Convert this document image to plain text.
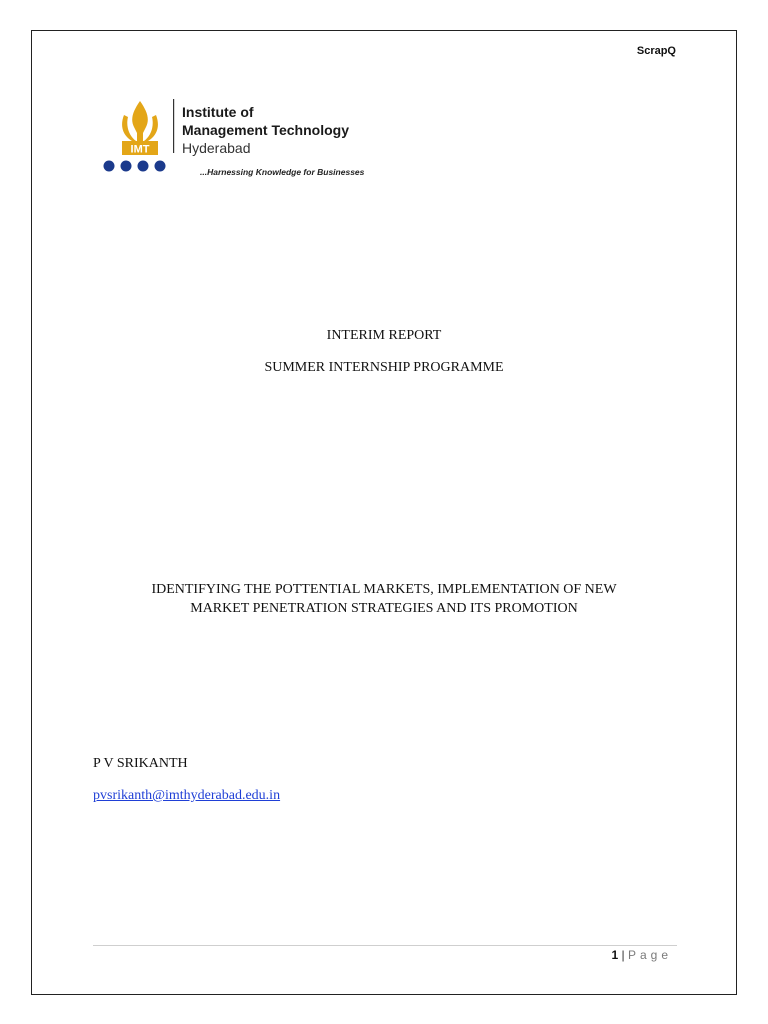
ScrapQ
IMT
Institute of
Management Technology
Hyderabad
...Harnessing Knowledge for Businesses
INTERIM REPORT
SUMMER INTERNSHIP PROGRAMME
IDENTIFYING THE POTTENTIAL MARKETS, IMPLEMENTATION OF NEW
MARKET PENETRATION STRATEGIES AND ITS PROMOTION
P V SRIKANTH
pvsrikanth@imthyderabad.edu.in
1 | Page
